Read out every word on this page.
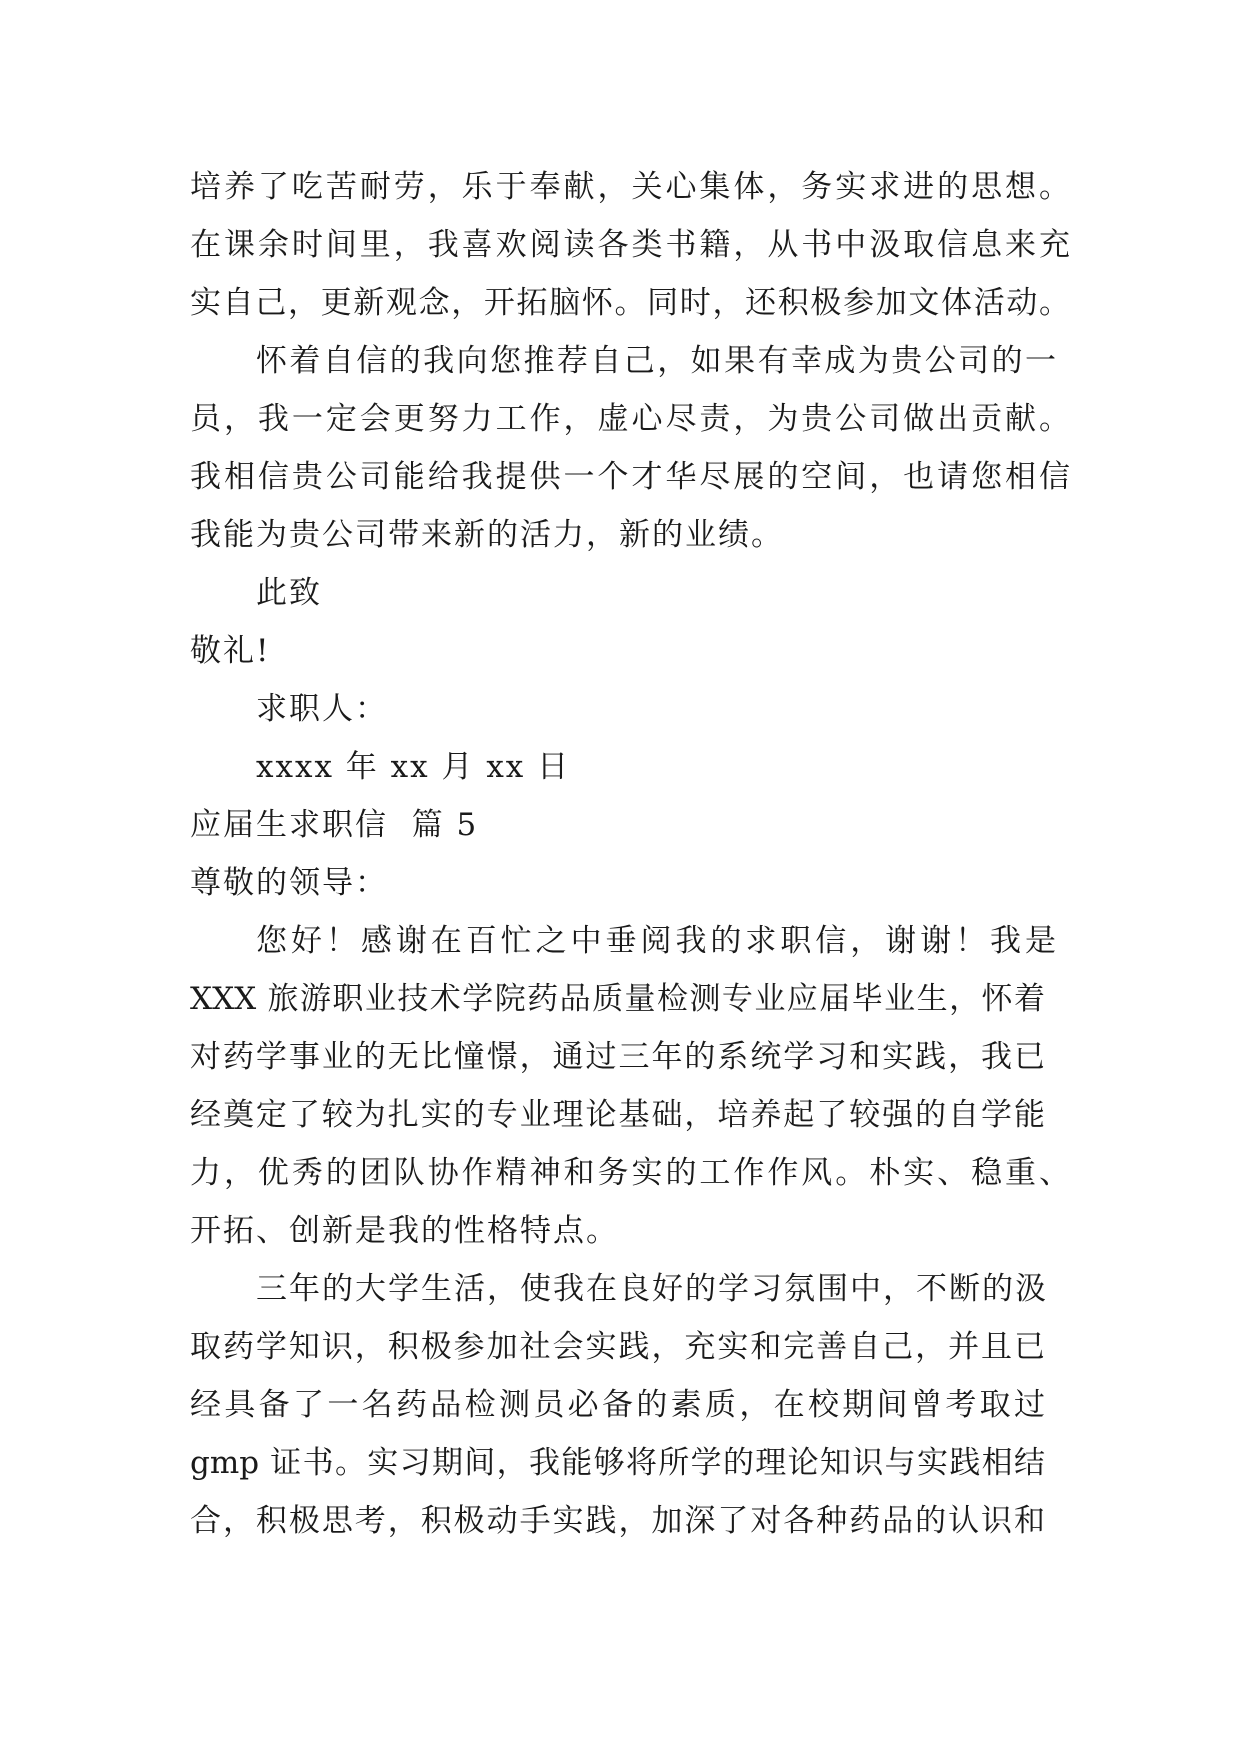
培养了吃苦耐劳，乐于奉献，关心集体，务实求进的思想。
在课余时间里，我喜欢阅读各类书籍，从书中汲取信息来充
实自己，更新观念，开拓脑怀。同时，还积极参加文体活动。
怀着自信的我向您推荐自己，如果有幸成为贵公司的一
员，我一定会更努力工作，虚心尽责，为贵公司做出贡献。
我相信贵公司能给我提供一个才华尽展的空间，也请您相信
我能为贵公司带来新的活力，新的业绩。
此致
敬礼!
求职人：
xxxx 年 xx 月 xx 日
应届生求职信  篇 5
尊敬的领导：
您好！感谢在百忙之中垂阅我的求职信，谢谢！我是
XXX 旅游职业技术学院药品质量检测专业应届毕业生，怀着
对药学事业的无比憧憬，通过三年的系统学习和实践，我已
经奠定了较为扎实的专业理论基础，培养起了较强的自学能
力，优秀的团队协作精神和务实的工作作风。朴实、稳重、
开拓、创新是我的性格特点。
三年的大学生活，使我在良好的学习氛围中，不断的汲
取药学知识，积极参加社会实践，充实和完善自己，并且已
经具备了一名药品检测员必备的素质，在校期间曾考取过
gmp 证书。实习期间，我能够将所学的理论知识与实践相结
合，积极思考，积极动手实践，加深了对各种药品的认识和
